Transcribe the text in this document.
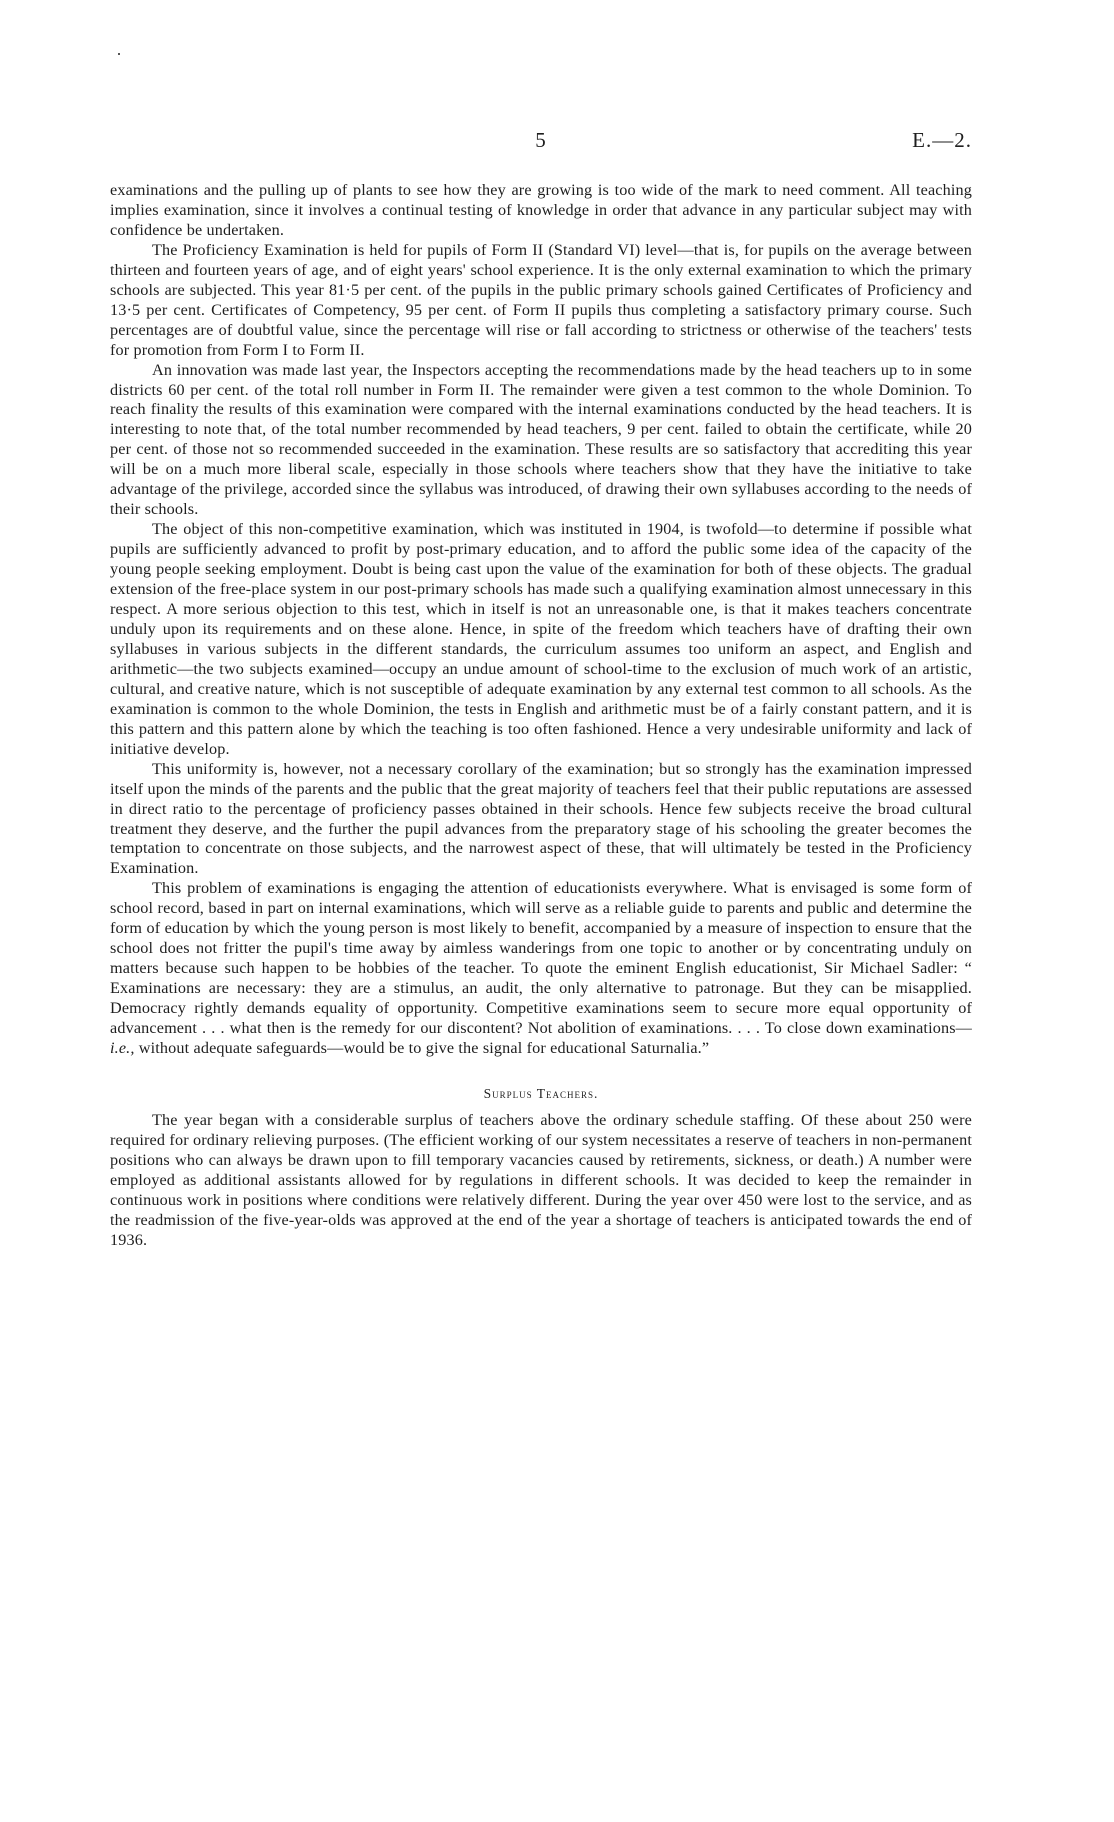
5	E.—2.

examinations and the pulling up of plants to see how they are growing is too wide of the mark to need comment. All teaching implies examination, since it involves a continual testing of knowledge in order that advance in any particular subject may with confidence be undertaken.

The Proficiency Examination is held for pupils of Form II (Standard VI) level—that is, for pupils on the average between thirteen and fourteen years of age, and of eight years' school experience. It is the only external examination to which the primary schools are subjected. This year 81·5 per cent. of the pupils in the public primary schools gained Certificates of Proficiency and 13·5 per cent. Certificates of Competency, 95 per cent. of Form II pupils thus completing a satisfactory primary course. Such percentages are of doubtful value, since the percentage will rise or fall according to strictness or otherwise of the teachers' tests for promotion from Form I to Form II.

An innovation was made last year, the Inspectors accepting the recommendations made by the head teachers up to in some districts 60 per cent. of the total roll number in Form II. The remainder were given a test common to the whole Dominion. To reach finality the results of this examination were compared with the internal examinations conducted by the head teachers. It is interesting to note that, of the total number recommended by head teachers, 9 per cent. failed to obtain the certificate, while 20 per cent. of those not so recommended succeeded in the examination. These results are so satisfactory that accrediting this year will be on a much more liberal scale, especially in those schools where teachers show that they have the initiative to take advantage of the privilege, accorded since the syllabus was introduced, of drawing their own syllabuses according to the needs of their schools.

The object of this non-competitive examination, which was instituted in 1904, is twofold—to determine if possible what pupils are sufficiently advanced to profit by post-primary education, and to afford the public some idea of the capacity of the young people seeking employment. Doubt is being cast upon the value of the examination for both of these objects. The gradual extension of the free-place system in our post-primary schools has made such a qualifying examination almost unnecessary in this respect. A more serious objection to this test, which in itself is not an unreasonable one, is that it makes teachers concentrate unduly upon its requirements and on these alone. Hence, in spite of the freedom which teachers have of drafting their own syllabuses in various subjects in the different standards, the curriculum assumes too uniform an aspect, and English and arithmetic—the two subjects examined—occupy an undue amount of school-time to the exclusion of much work of an artistic, cultural, and creative nature, which is not susceptible of adequate examination by any external test common to all schools. As the examination is common to the whole Dominion, the tests in English and arithmetic must be of a fairly constant pattern, and it is this pattern and this pattern alone by which the teaching is too often fashioned. Hence a very undesirable uniformity and lack of initiative develop.

This uniformity is, however, not a necessary corollary of the examination; but so strongly has the examination impressed itself upon the minds of the parents and the public that the great majority of teachers feel that their public reputations are assessed in direct ratio to the percentage of proficiency passes obtained in their schools. Hence few subjects receive the broad cultural treatment they deserve, and the further the pupil advances from the preparatory stage of his schooling the greater becomes the temptation to concentrate on those subjects, and the narrowest aspect of these, that will ultimately be tested in the Proficiency Examination.

This problem of examinations is engaging the attention of educationists everywhere. What is envisaged is some form of school record, based in part on internal examinations, which will serve as a reliable guide to parents and public and determine the form of education by which the young person is most likely to benefit, accompanied by a measure of inspection to ensure that the school does not fritter the pupil's time away by aimless wanderings from one topic to another or by concentrating unduly on matters because such happen to be hobbies of the teacher. To quote the eminent English educationist, Sir Michael Sadler: “ Examinations are necessary: they are a stimulus, an audit, the only alternative to patronage. But they can be misapplied. Democracy rightly demands equality of opportunity. Competitive examinations seem to secure more equal opportunity of advancement . . . what then is the remedy for our discontent? Not abolition of examinations. . . . To close down examinations—i.e., without adequate safeguards—would be to give the signal for educational Saturnalia.”

Surplus Teachers.

The year began with a considerable surplus of teachers above the ordinary schedule staffing. Of these about 250 were required for ordinary relieving purposes. (The efficient working of our system necessitates a reserve of teachers in non-permanent positions who can always be drawn upon to fill temporary vacancies caused by retirements, sickness, or death.) A number were employed as additional assistants allowed for by regulations in different schools. It was decided to keep the remainder in continuous work in positions where conditions were relatively different. During the year over 450 were lost to the service, and as the readmission of the five-year-olds was approved at the end of the year a shortage of teachers is anticipated towards the end of 1936.
